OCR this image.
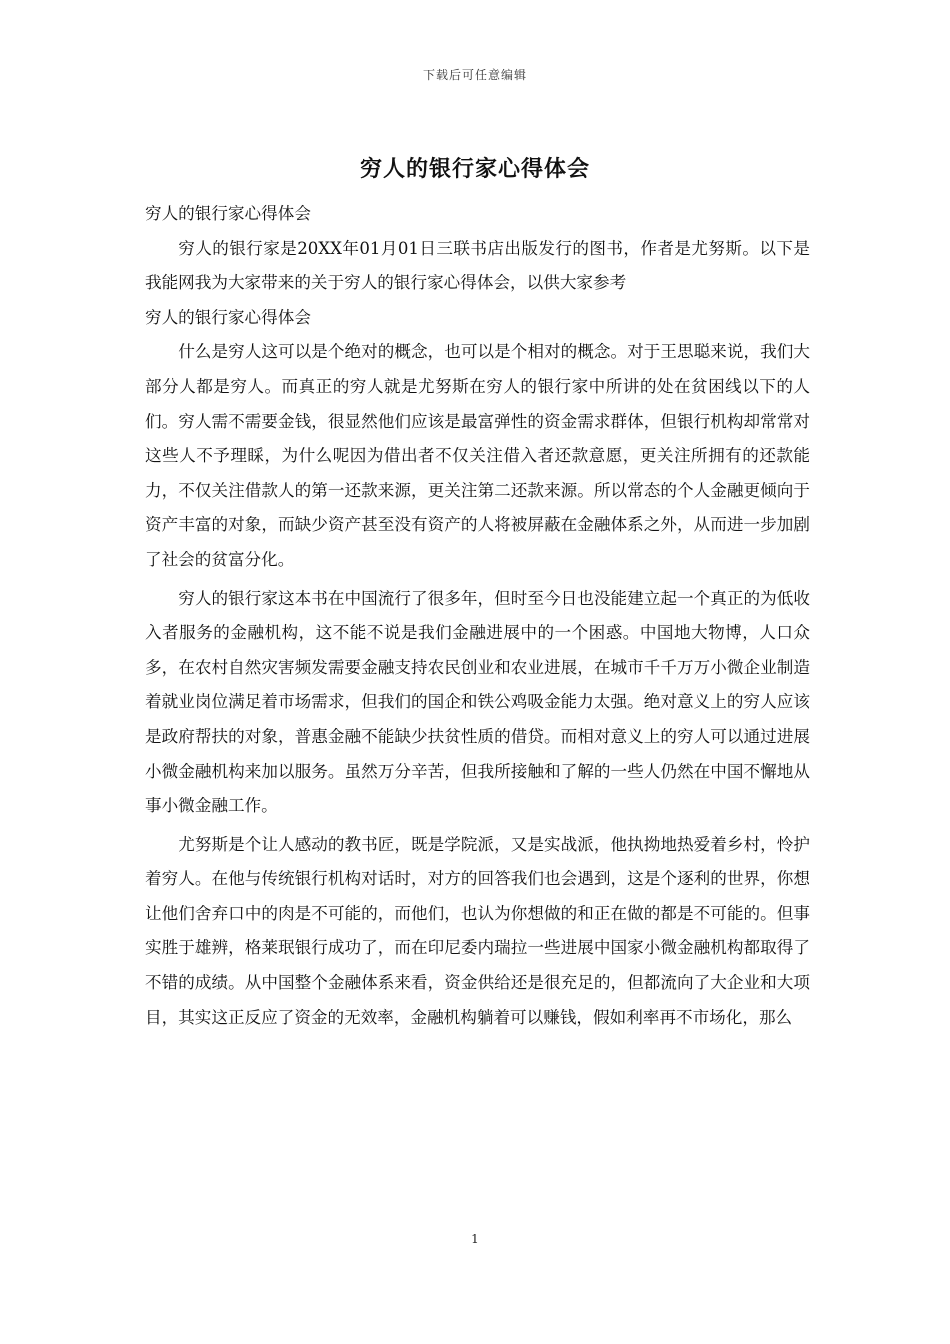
下载后可任意编辑
穷人的银行家心得体会

穷人的银行家心得体会

穷人的银行家是20XX年01月01日三联书店出版发行的图书，作者是尤努斯。以下是我能网我为大家带来的关于穷人的银行家心得体会，以供大家参考

穷人的银行家心得体会

什么是穷人这可以是个绝对的概念，也可以是个相对的概念。对于王思聪来说，我们大部分人都是穷人。而真正的穷人就是尤努斯在穷人的银行家中所讲的处在贫困线以下的人们。穷人需不需要金钱，很显然他们应该是最富弹性的资金需求群体，但银行机构却常常对这些人不予理睬，为什么呢因为借出者不仅关注借入者还款意愿，更关注所拥有的还款能力，不仅关注借款人的第一还款来源，更关注第二还款来源。所以常态的个人金融更倾向于资产丰富的对象，而缺少资产甚至没有资产的人将被屏蔽在金融体系之外，从而进一步加剧了社会的贫富分化。

穷人的银行家这本书在中国流行了很多年，但时至今日也没能建立起一个真正的为低收入者服务的金融机构，这不能不说是我们金融进展中的一个困惑。中国地大物博，人口众多，在农村自然灾害频发需要金融支持农民创业和农业进展，在城市千千万万小微企业制造着就业岗位满足着市场需求，但我们的国企和铁公鸡吸金能力太强。绝对意义上的穷人应该是政府帮扶的对象，普惠金融不能缺少扶贫性质的借贷。而相对意义上的穷人可以通过进展小微金融机构来加以服务。虽然万分辛苦，但我所接触和了解的一些人仍然在中国不懈地从事小微金融工作。

尤努斯是个让人感动的教书匠，既是学院派，又是实战派，他执拗地热爱着乡村，怜护着穷人。在他与传统银行机构对话时，对方的回答我们也会遇到，这是个逐利的世界，你想让他们舍弃口中的肉是不可能的，而他们，也认为你想做的和正在做的都是不可能的。但事实胜于雄辨，格莱珉银行成功了，而在印尼委内瑞拉一些进展中国家小微金融机构都取得了不错的成绩。从中国整个金融体系来看，资金供给还是很充足的，但都流向了大企业和大项目，其实这正反应了资金的无效率，金融机构躺着可以赚钱，假如利率再不市场化，那么

1
